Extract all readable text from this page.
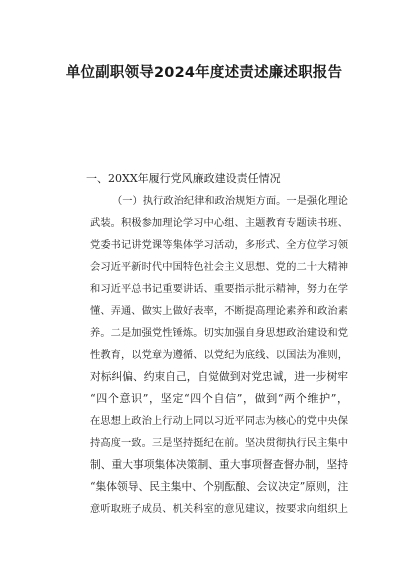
单位副职领导2024年度述责述廉述职报告
一、20XX年履行党风廉政建设责任情况
（一）执行政治纪律和政治规矩方面。一是强化理论
武装。积极参加理论学习中心组、主题教育专题读书班、
党委书记讲党课等集体学习活动，多形式、全方位学习领
会习近平新时代中国特色社会主义思想、党的二十大精神
和习近平总书记重要讲话、重要指示批示精神，努力在学
懂、弄通、做实上做好表率，不断提高理论素养和政治素
养。二是加强党性锤炼。切实加强自身思想政治建设和党
性教育，以党章为遵循、以党纪为底线、以国法为准则，
对标纠偏、约束自己，自觉做到对党忠诚，进一步树牢
“四个意识”，坚定“四个自信”，做到“两个维护”，
在思想上政治上行动上同以习近平同志为核心的党中央保
持高度一致。三是坚持挺纪在前。坚决贯彻执行民主集中
制、重大事项集体决策制、重大事项督查督办制，坚持
“集体领导、民主集中、个别酝酿、会议决定”原则，注
意听取班子成员、机关科室的意见建议，按要求向组织上
